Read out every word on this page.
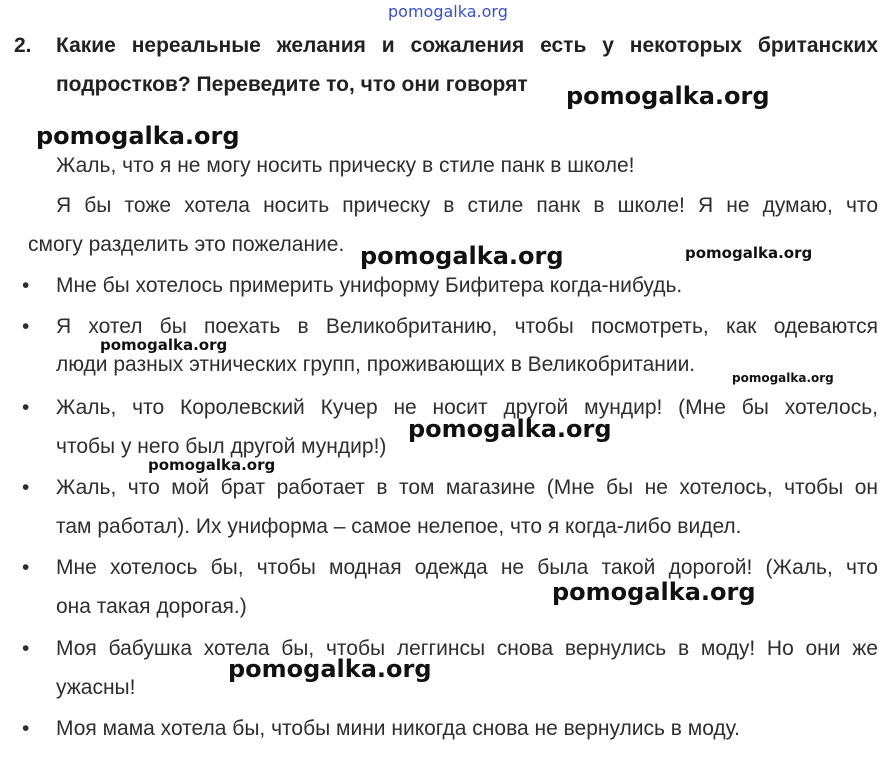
pomogalka.org
2. Какие нереальные желания и сожаления есть у некоторых британских
подростков? Переведите то, что они говорят
Жаль, что я не могу носить прическу в стиле панк в школе!
Я бы тоже хотела носить прическу в стиле панк в школе! Я не думаю, что
смогу разделить это пожелание.
• Мне бы хотелось примерить униформу Бифитера когда-нибудь.
• Я хотел бы поехать в Великобританию, чтобы посмотреть, как одеваются
люди разных этнических групп, проживающих в Великобритании.
• Жаль, что Королевский Кучер не носит другой мундир! (Мне бы хотелось,
чтобы у него был другой мундир!)
• Жаль, что мой брат работает в том магазине (Мне бы не хотелось, чтобы он
там работал). Их униформа – самое нелепое, что я когда-либо видел.
• Мне хотелось бы, чтобы модная одежда не была такой дорогой! (Жаль, что
она такая дорогая.)
• Моя бабушка хотела бы, чтобы леггинсы снова вернулись в моду! Но они же
ужасны!
• Моя мама хотела бы, чтобы мини никогда снова не вернулись в моду.
pomogalka.org
pomogalka.org
pomogalka.org	pomogalka.org
pomogalka.org
pomogalka.org
pomogalka.org
pomogalka.org
pomogalka.org
pomogalka.org
